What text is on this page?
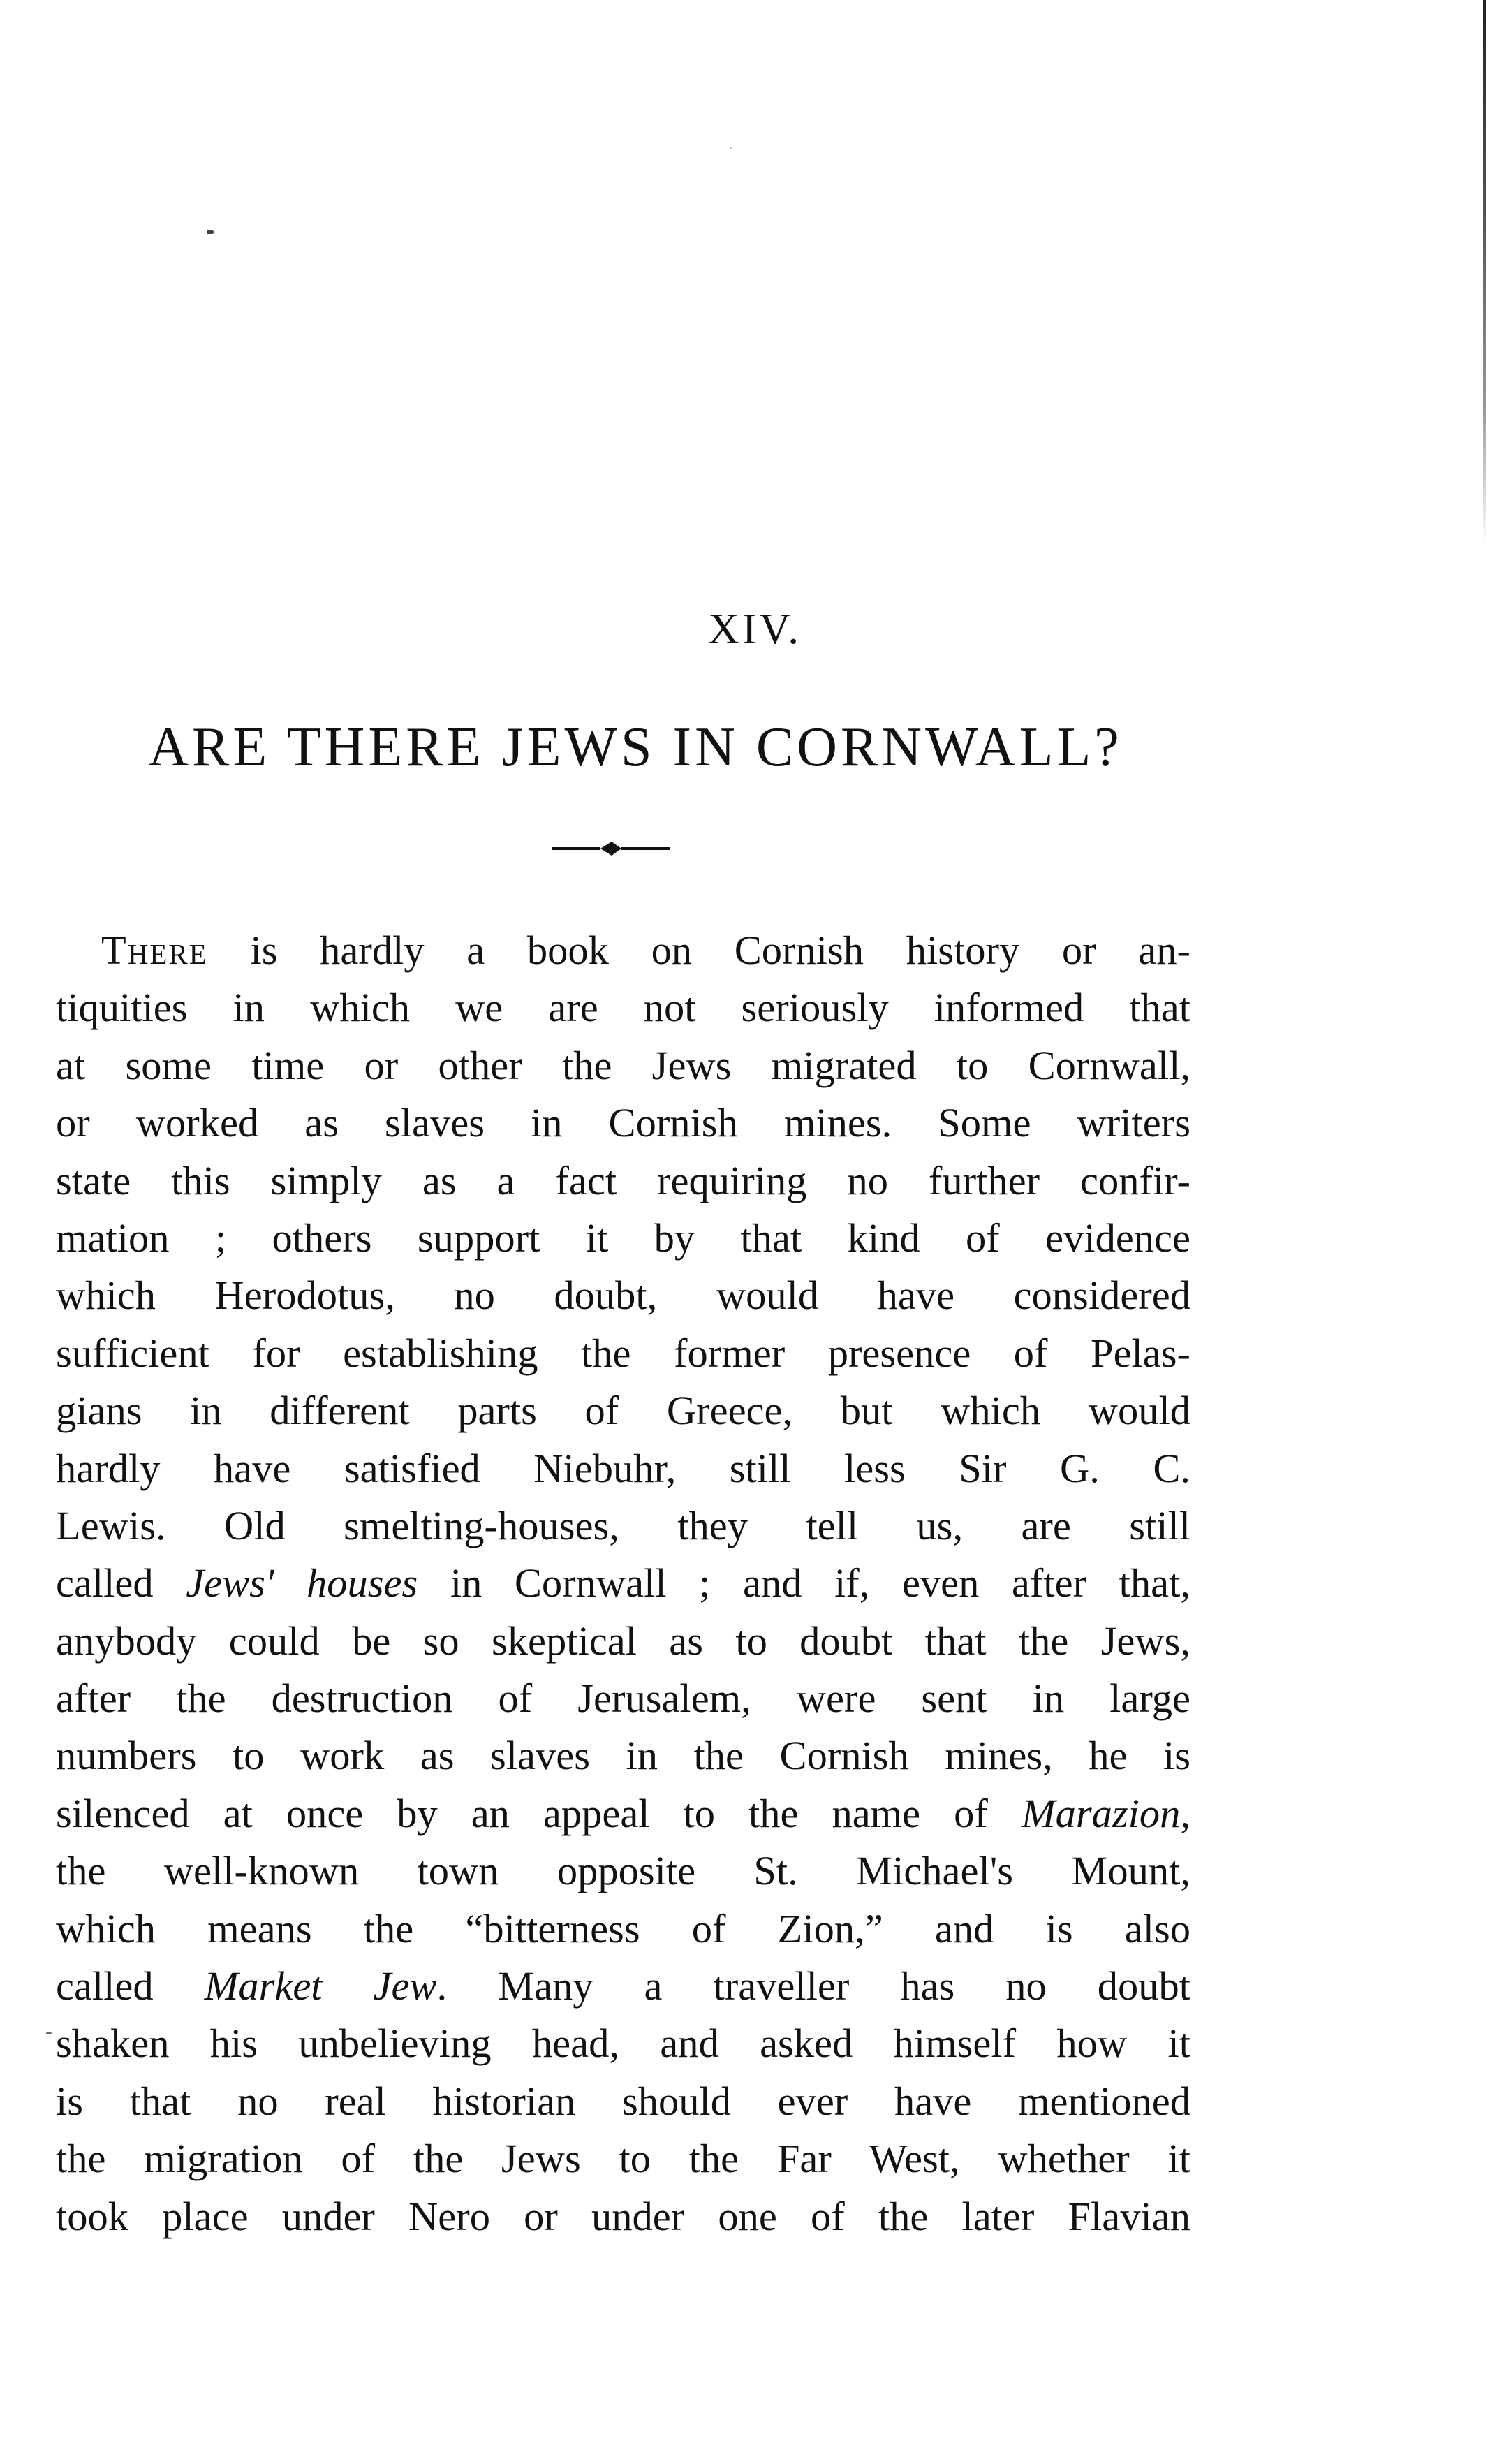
XIV.
ARE THERE JEWS IN CORNWALL?
There is hardly a book on Cornish history or an-
tiquities in which we are not seriously informed that
at some time or other the Jews migrated to Cornwall,
or worked as slaves in Cornish mines. Some writers
state this simply as a fact requiring no further confir-
mation ; others support it by that kind of evidence
which Herodotus, no doubt, would have considered
sufficient for establishing the former presence of Pelas-
gians in different parts of Greece, but which would
hardly have satisfied Niebuhr, still less Sir G. C.
Lewis. Old smelting-houses, they tell us, are still
called Jews' houses in Cornwall ; and if, even after that,
anybody could be so skeptical as to doubt that the Jews,
after the destruction of Jerusalem, were sent in large
numbers to work as slaves in the Cornish mines, he is
silenced at once by an appeal to the name of Marazion,
the well-known town opposite St. Michael's Mount,
which means the “bitterness of Zion,” and is also
called Market Jew. Many a traveller has no doubt
shaken his unbelieving head, and asked himself how it
is that no real historian should ever have mentioned
the migration of the Jews to the Far West, whether it
took place under Nero or under one of the later Flavian
